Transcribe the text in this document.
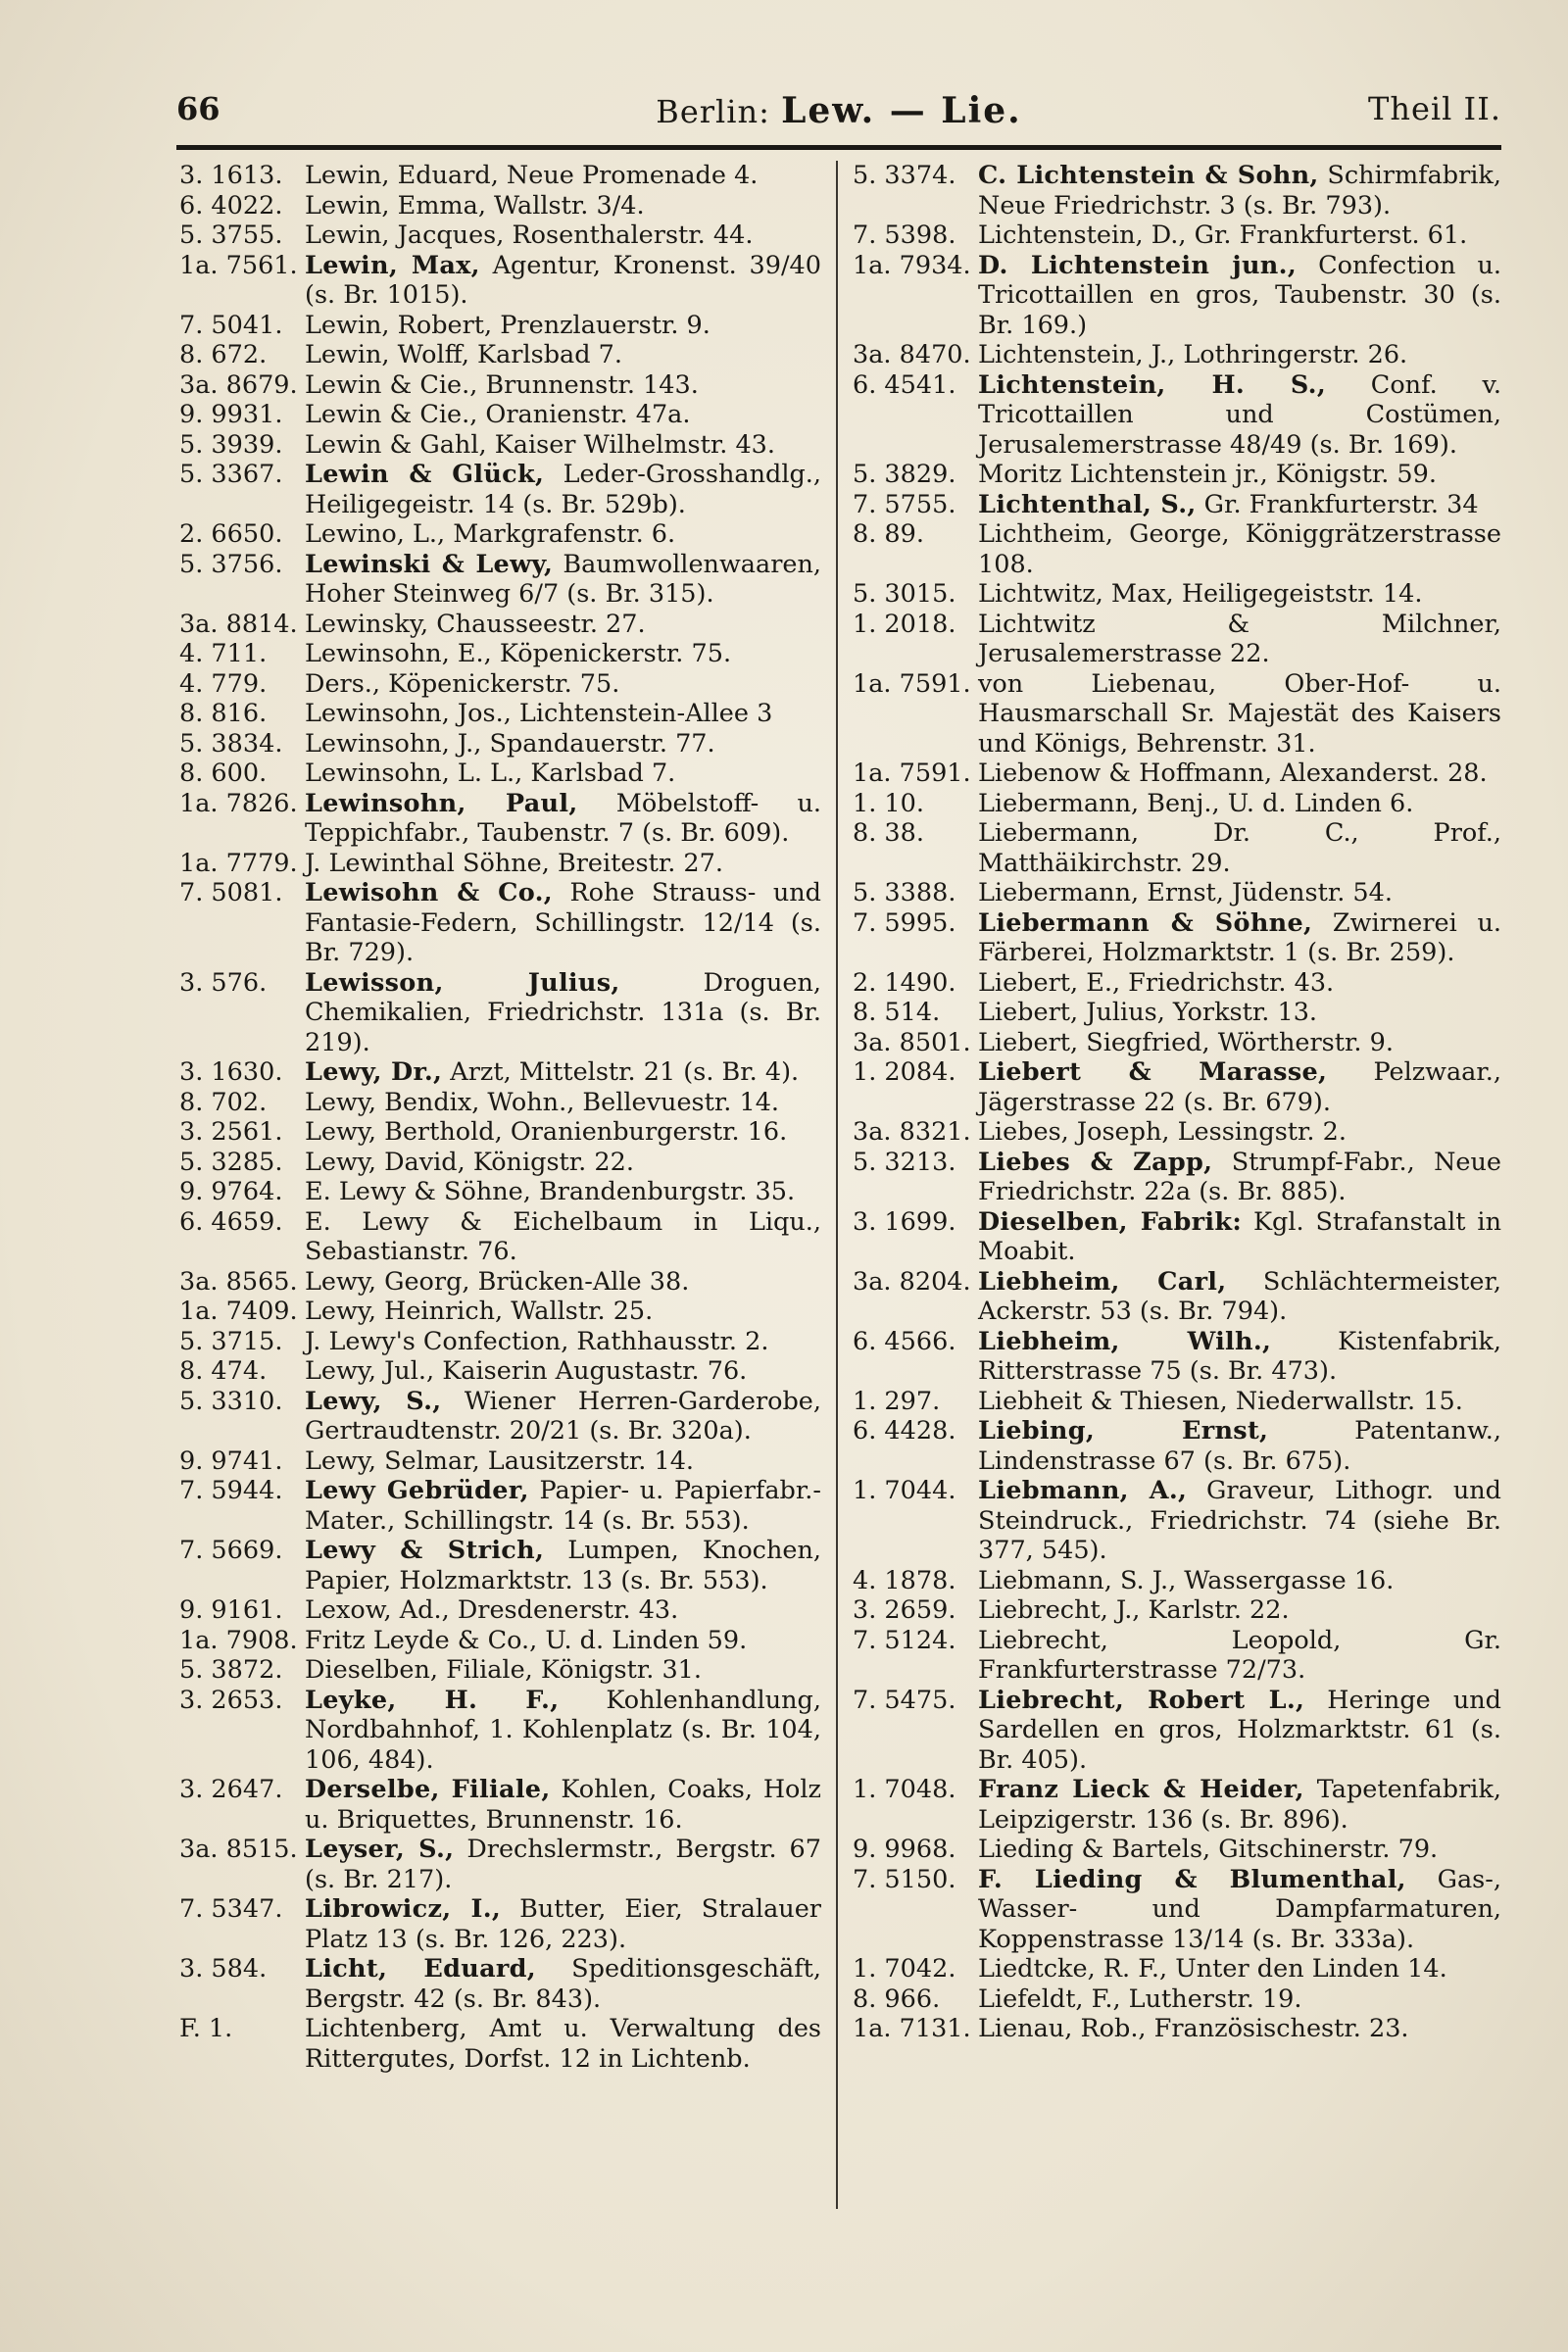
66	Berlin: Lew. — Lie.	Theil II.
3. 1613. Lewin, Eduard, Neue Promenade 4.
6. 4022. Lewin, Emma, Wallstr. 3/4.
5. 3755. Lewin, Jacques, Rosenthalerstr. 44.
1a. 7561. Lewin, Max, Agentur, Kronenst. 39/40 (s. Br. 1015).
7. 5041. Lewin, Robert, Prenzlauerstr. 9.
8. 672.	Lewin, Wolff, Karlsbad 7.
3a. 8679. Lewin & Cie., Brunnenstr. 143.
9. 9931. Lewin & Cie., Oranienstr. 47a.
5. 3939. Lewin & Gahl, Kaiser Wilhelmstr. 43.
5. 3367. Lewin & Glück, Leder-Grosshandlg., Heiligegeistr. 14 (s. Br. 529b).
2. 6650. Lewino, L., Markgrafenstr. 6.
5. 3756. Lewinski & Lewy, Baumwollenwaaren, Hoher Steinweg 6/7 (s. Br. 315).
3a. 8814. Lewinsky, Chausseestr. 27.
4. 711.	Lewinsohn, E., Köpenickerstr. 75.
4. 779.	Ders., Köpenickerstr. 75.
8. 816.	Lewinsohn, Jos., Lichtenstein-Allee 3
5. 3834. Lewinsohn, J., Spandauerstr. 77.
8. 600.	Lewinsohn, L. L., Karlsbad 7.
1a. 7826. Lewinsohn, Paul, Möbelstoff- u. Teppichfabr., Taubenstr. 7 (s. Br. 609).
1a. 7779. J. Lewinthal Söhne, Breitestr. 27.
7. 5081. Lewisohn & Co., Rohe Strauss- und Fantasie-Federn, Schillingstr. 12/14 (s. Br. 729).
3. 576.	Lewisson, Julius, Droguen, Chemikalien, Friedrichstr. 131a (s. Br. 219).
3. 1630. Lewy, Dr., Arzt, Mittelstr. 21 (s. Br. 4).
8. 702.	Lewy, Bendix, Wohn., Bellevuestr. 14.
3. 2561. Lewy, Berthold, Oranienburgerstr. 16.
5. 3285. Lewy, David, Königstr. 22.
9. 9764. E. Lewy & Söhne, Brandenburgstr. 35.
6. 4659. E. Lewy & Eichelbaum in Liqu., Sebastianstr. 76.
3a. 8565. Lewy, Georg, Brücken-Alle 38.
1a. 7409. Lewy, Heinrich, Wallstr. 25.
5. 3715. J. Lewy's Confection, Rathhausstr. 2.
8. 474.	Lewy, Jul., Kaiserin Augustastr. 76.
5. 3310. Lewy, S., Wiener Herren-Garderobe, Gertraudtenstr. 20/21 (s. Br. 320a).
9. 9741. Lewy, Selmar, Lausitzerstr. 14.
7. 5944. Lewy Gebrüder, Papier- u. Papierfabr.-Mater., Schillingstr. 14 (s. Br. 553).
7. 5669. Lewy & Strich, Lumpen, Knochen, Papier, Holzmarktstr. 13 (s. Br. 553).
9. 9161. Lexow, Ad., Dresdenerstr. 43.
1a. 7908. Fritz Leyde & Co., U. d. Linden 59.
5. 3872. Dieselben, Filiale, Königstr. 31.
3. 2653. Leyke, H. F., Kohlenhandlung, Nordbahnhof, 1. Kohlenplatz (s. Br. 104, 106, 484).
3. 2647. Derselbe, Filiale, Kohlen, Coaks, Holz u. Briquettes, Brunnenstr. 16.
3a. 8515. Leyser, S., Drechslermstr., Bergstr. 67 (s. Br. 217).
7. 5347. Librowicz, I., Butter, Eier, Stralauer Platz 13 (s. Br. 126, 223).
3. 584.	Licht, Eduard, Speditionsgeschäft, Bergstr. 42 (s. Br. 843).
F. 1.	Lichtenberg, Amt u. Verwaltung des Rittergutes, Dorfst. 12 in Lichtenb.
5. 3374. C. Lichtenstein & Sohn, Schirmfabrik, Neue Friedrichstr. 3 (s. Br. 793).
7. 5398. Lichtenstein, D., Gr. Frankfurterst. 61.
1a. 7934. D. Lichtenstein jun., Confection u. Tricottaillen en gros, Taubenstr. 30 (s. Br. 169.)
3a. 8470. Lichtenstein, J., Lothringerstr. 26.
6. 4541. Lichtenstein, H. S., Conf. v. Tricottaillen und Costümen, Jerusalemerstrasse 48/49 (s. Br. 169).
5. 3829. Moritz Lichtenstein jr., Königstr. 59.
7. 5755. Lichtenthal, S., Gr. Frankfurterstr. 34
8. 89.	Lichtheim, George, Königgrätzerstrasse 108.
5. 3015. Lichtwitz, Max, Heiligegeiststr. 14.
1. 2018. Lichtwitz & Milchner, Jerusalemerstrasse 22.
1a. 7591. von Liebenau, Ober-Hof- u. Hausmarschall Sr. Majestät des Kaisers und Königs, Behrenstr. 31.
1a. 7591. Liebenow & Hoffmann, Alexanderst. 28.
1. 10.	Liebermann, Benj., U. d. Linden 6.
8. 38.	Liebermann, Dr. C., Prof., Matthäikirchstr. 29.
5. 3388. Liebermann, Ernst, Jüdenstr. 54.
7. 5995. Liebermann & Söhne, Zwirnerei u. Färberei, Holzmarktstr. 1 (s. Br. 259).
2. 1490. Liebert, E., Friedrichstr. 43.
8. 514.	Liebert, Julius, Yorkstr. 13.
3a. 8501. Liebert, Siegfried, Wörtherstr. 9.
1. 2084. Liebert & Marasse, Pelzwaar., Jägerstrasse 22 (s. Br. 679).
3a. 8321. Liebes, Joseph, Lessingstr. 2.
5. 3213. Liebes & Zapp, Strumpf-Fabr., Neue Friedrichstr. 22a (s. Br. 885).
3. 1699. Dieselben, Fabrik: Kgl. Strafanstalt in Moabit.
3a. 8204. Liebheim, Carl, Schlächtermeister, Ackerstr. 53 (s. Br. 794).
6. 4566. Liebheim, Wilh., Kistenfabrik, Ritterstrasse 75 (s. Br. 473).
1. 297.	Liebheit & Thiesen, Niederwallstr. 15.
6. 4428. Liebing, Ernst, Patentanw., Lindenstrasse 67 (s. Br. 675).
1. 7044. Liebmann, A., Graveur, Lithogr. und Steindruck., Friedrichstr. 74 (siehe Br. 377, 545).
4. 1878. Liebmann, S. J., Wassergasse 16.
3. 2659. Liebrecht, J., Karlstr. 22.
7. 5124. Liebrecht, Leopold, Gr. Frankfurterstrasse 72/73.
7. 5475. Liebrecht, Robert L., Heringe und Sardellen en gros, Holzmarktstr. 61 (s. Br. 405).
1. 7048. Franz Lieck & Heider, Tapetenfabrik, Leipzigerstr. 136 (s. Br. 896).
9. 9968. Lieding & Bartels, Gitschinerstr. 79.
7. 5150. F. Lieding & Blumenthal, Gas-, Wasser- und Dampfarmaturen, Koppenstrasse 13/14 (s. Br. 333a).
1. 7042. Liedtcke, R. F., Unter den Linden 14.
8. 966.	Liefeldt, F., Lutherstr. 19.
1a. 7131. Lienau, Rob., Französischestr. 23.
